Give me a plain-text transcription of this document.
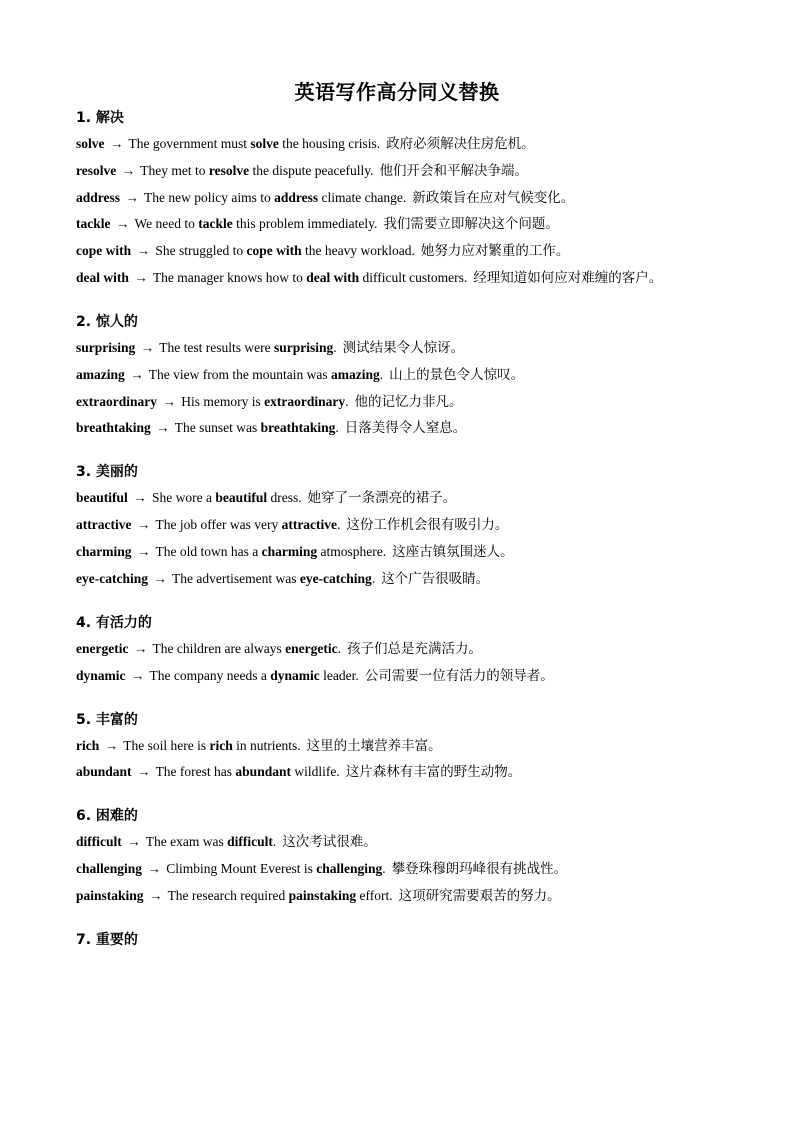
英语写作高分同义替换
1. 解决
solve → The government must solve the housing crisis. 政府必须解决住房危机。
resolve → They met to resolve the dispute peacefully. 他们开会和平解决争端。
address → The new policy aims to address climate change. 新政策旨在应对气候变化。
tackle → We need to tackle this problem immediately. 我们需要立即解决这个问题。
cope with → She struggled to cope with the heavy workload. 她努力应对繁重的工作。
deal with → The manager knows how to deal with difficult customers. 经理知道如何应对难缠的客户。
2. 惊人的
surprising → The test results were surprising. 测试结果令人惊讶。
amazing → The view from the mountain was amazing. 山上的景色令人惊叹。
extraordinary → His memory is extraordinary. 他的记忆力非凡。
breathtaking → The sunset was breathtaking. 日落美得令人窒息。
3. 美丽的
beautiful → She wore a beautiful dress. 她穿了一条漂亮的裙子。
attractive → The job offer was very attractive. 这份工作机会很有吸引力。
charming → The old town has a charming atmosphere. 这座古镇氛围迷人。
eye-catching → The advertisement was eye-catching. 这个广告很吸睛。
4. 有活力的
energetic → The children are always energetic. 孩子们总是充满活力。
dynamic → The company needs a dynamic leader. 公司需要一位有活力的领导者。
5. 丰富的
rich → The soil here is rich in nutrients. 这里的土壤营养丰富。
abundant → The forest has abundant wildlife. 这片森林有丰富的野生动物。
6. 困难的
difficult → The exam was difficult. 这次考试很难。
challenging → Climbing Mount Everest is challenging. 攀登珠穆朗玛峰很有挑战性。
painstaking → The research required painstaking effort. 这项研究需要艰苦的努力。
7. 重要的
